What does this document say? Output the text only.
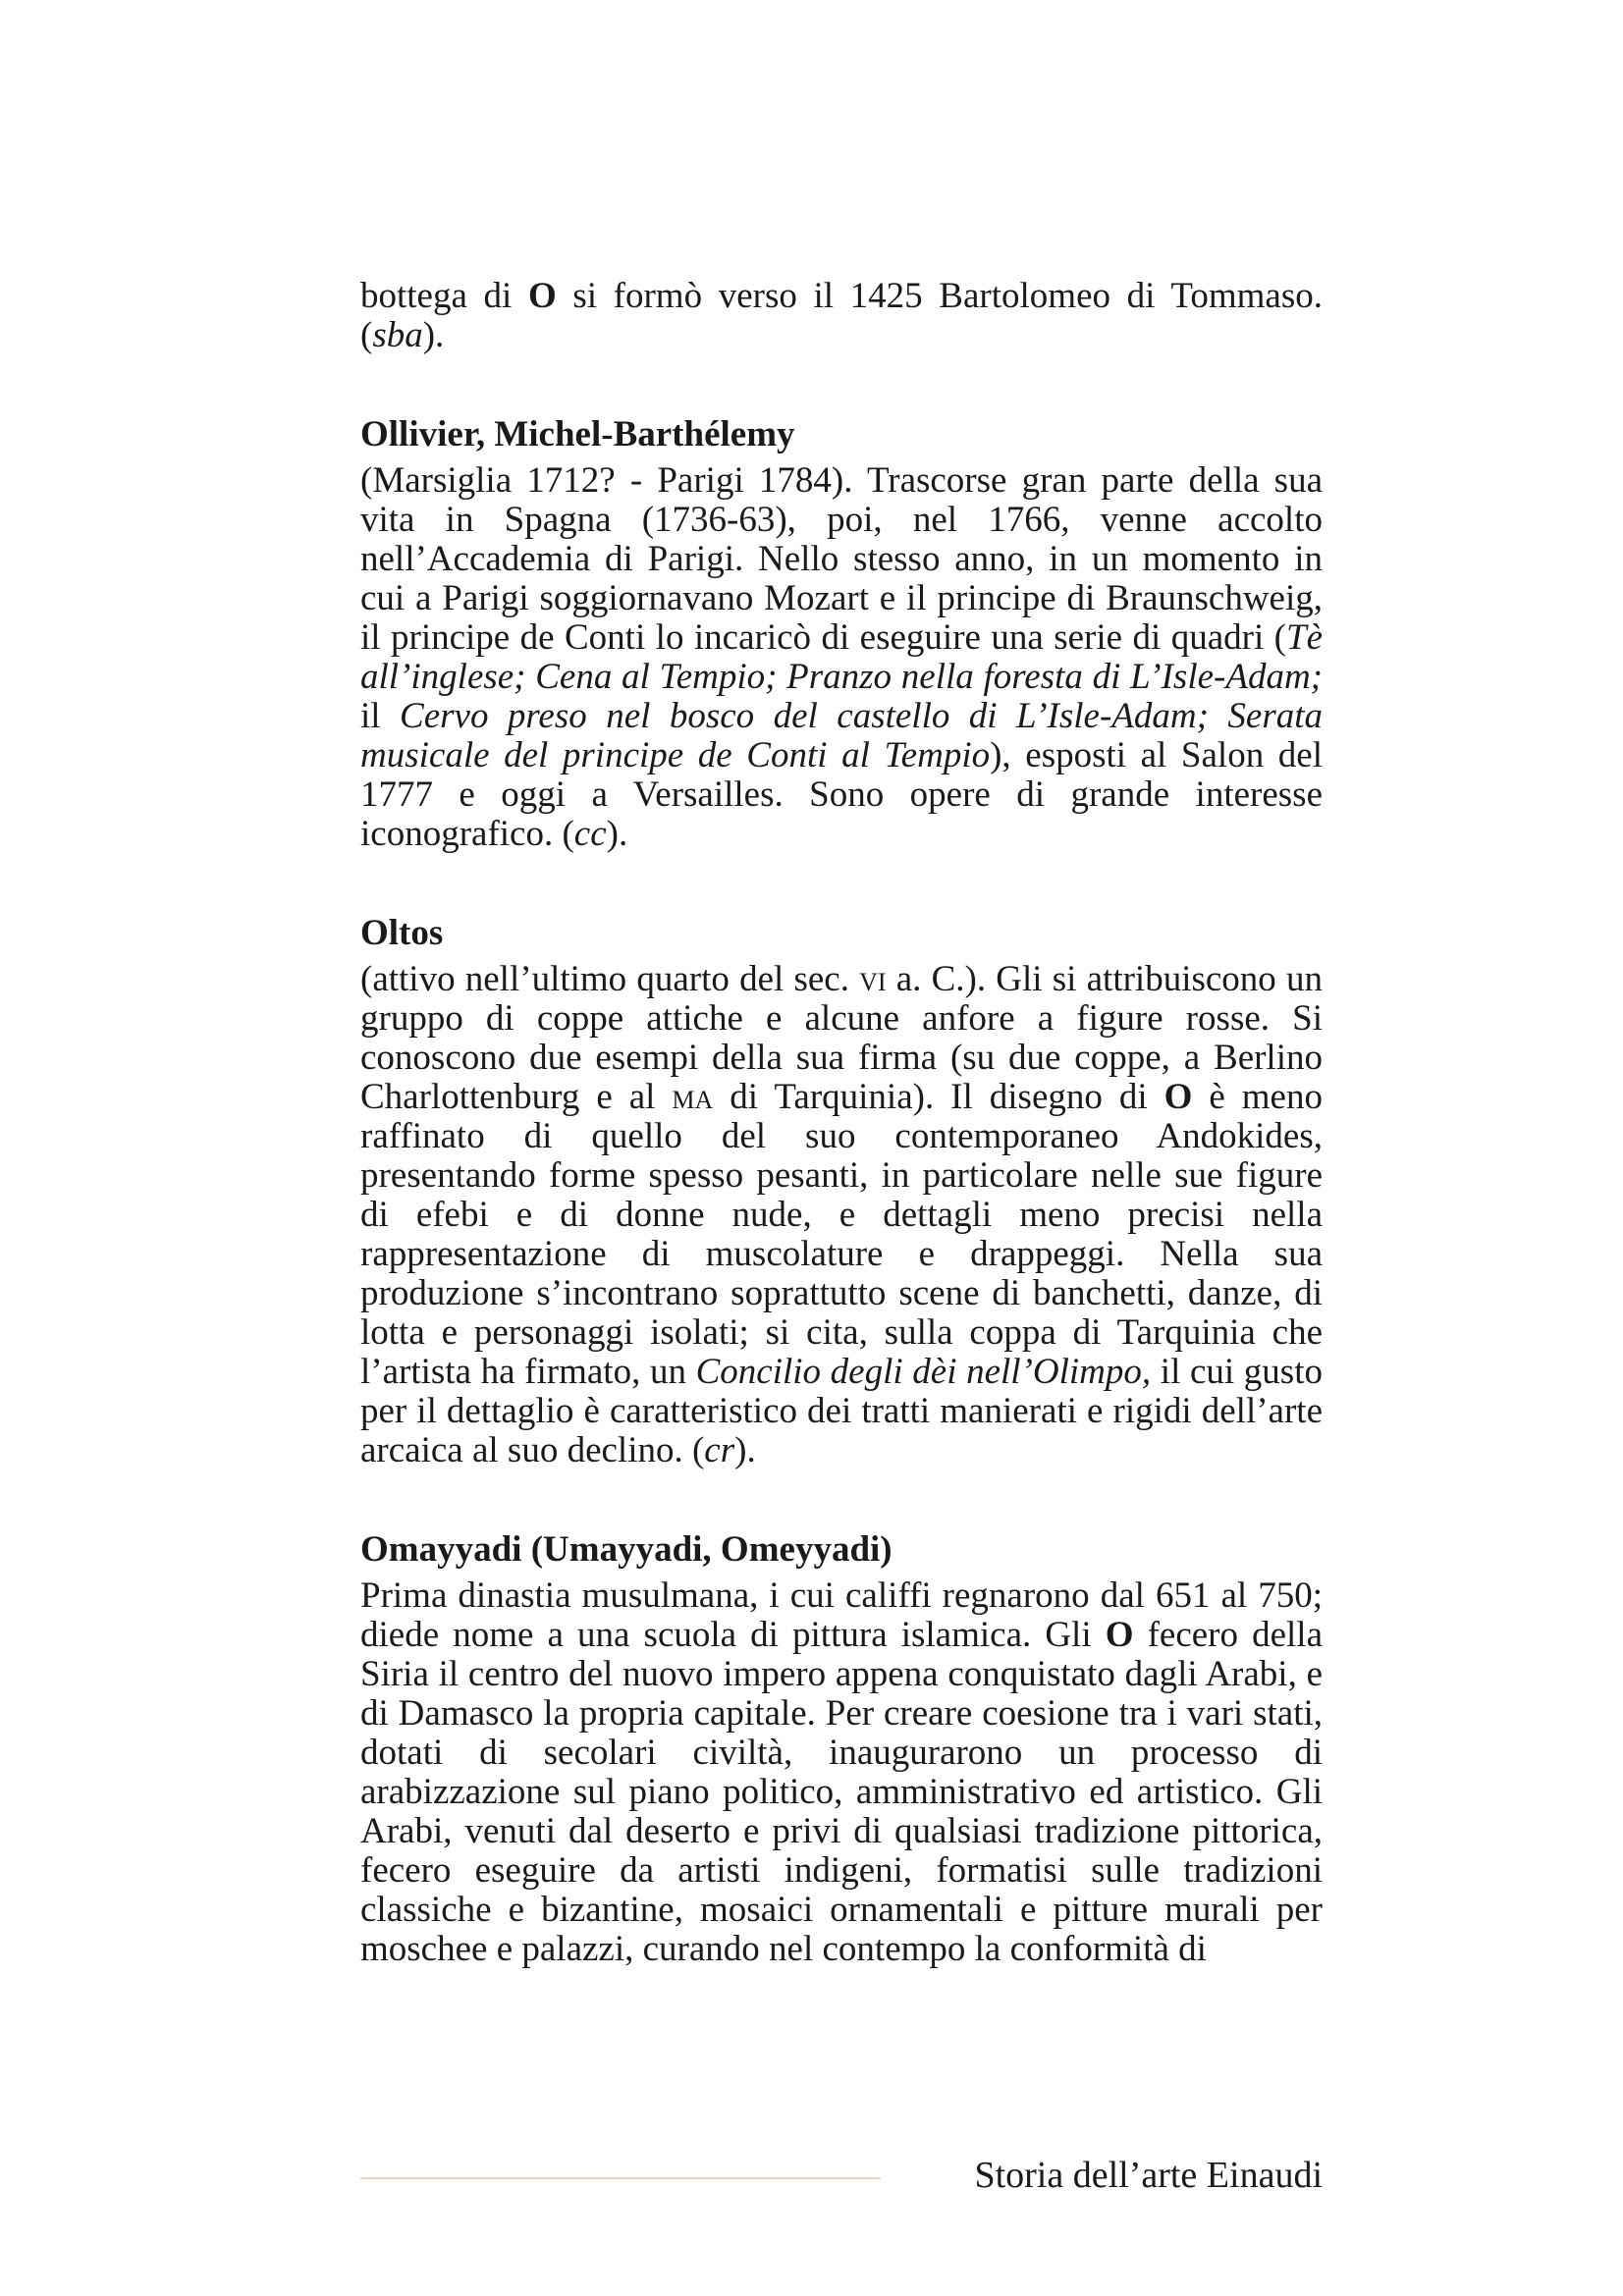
bottega di O si formò verso il 1425 Bartolomeo di Tommaso. (sba).

Ollivier, Michel-Barthélemy

(Marsiglia 1712? - Parigi 1784). Trascorse gran parte della sua vita in Spagna (1736-63), poi, nel 1766, venne accolto nell’Accademia di Parigi. Nello stesso anno, in un momento in cui a Parigi soggiornavano Mozart e il principe di Braunschweig, il principe de Conti lo incaricò di eseguire una serie di quadri (Tè all’inglese; Cena al Tempio; Pranzo nella foresta di L’Isle-Adam; il Cervo preso nel bosco del castello di L’Isle-Adam; Serata musicale del principe de Conti al Tempio), esposti al Salon del 1777 e oggi a Versailles. Sono opere di grande interesse iconografico. (cc).

Oltos

(attivo nell’ultimo quarto del sec. vi a. C.). Gli si attribuiscono un gruppo di coppe attiche e alcune anfore a figure rosse. Si conoscono due esempi della sua firma (su due coppe, a Berlino Charlottenburg e al ma di Tarquinia). Il disegno di O è meno raffinato di quello del suo contemporaneo Andokides, presentando forme spesso pesanti, in particolare nelle sue figure di efebi e di donne nude, e dettagli meno precisi nella rappresentazione di muscolature e drappeggi. Nella sua produzione s’incontrano soprattutto scene di banchetti, danze, di lotta e personaggi isolati; si cita, sulla coppa di Tarquinia che l’artista ha firmato, un Concilio degli dèi nell’Olimpo, il cui gusto per il dettaglio è caratteristico dei tratti manierati e rigidi dell’arte arcaica al suo declino. (cr).

Omayyadi (Umayyadi, Omeyyadi)

Prima dinastia musulmana, i cui califfi regnarono dal 651 al 750; diede nome a una scuola di pittura islamica. Gli O fecero della Siria il centro del nuovo impero appena conquistato dagli Arabi, e di Damasco la propria capitale. Per creare coesione tra i vari stati, dotati di secolari civiltà, inaugurarono un processo di arabizzazione sul piano politico, amministrativo ed artistico. Gli Arabi, venuti dal deserto e privi di qualsiasi tradizione pittorica, fecero eseguire da artisti indigeni, formatisi sulle tradizioni classiche e bizantine, mosaici ornamentali e pitture murali per moschee e palazzi, curando nel contempo la conformità di

Storia dell’arte Einaudi
